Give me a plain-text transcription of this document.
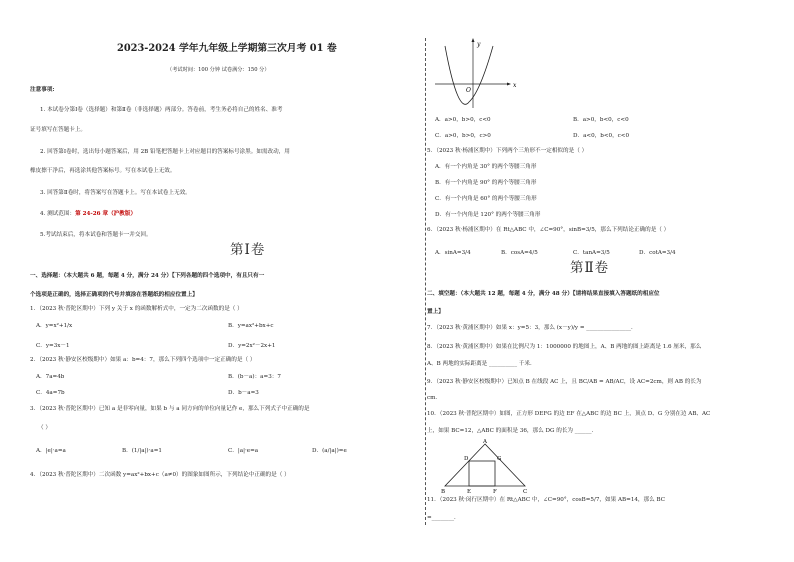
2023-2024 学年九年级上学期第三次月考 01 卷
（考试时间：100 分钟 试卷满分：150 分）
注意事项:
1. 本试卷分第Ⅰ卷（选择题）和第Ⅱ卷（非选择题）两部分。答卷前，考生务必将自己的姓名、准考
证号填写在答题卡上。
2. 回答第Ⅰ卷时，选出每小题答案后，用 2B 铅笔把答题卡上对应题目的答案标号涂黑。如需改动，用
橡皮擦干净后，再选涂其他答案标号。写在本试卷上无效。
3. 回答第Ⅱ卷时，将答案写在答题卡上。写在本试卷上无效。
4. 测试范围：第 24-26 章（沪教版）
5.考试结束后，将本试卷和答题卡一并交回。
第Ⅰ卷
一、选择题：（本大题共 6 题，每题 4 分，满分 24 分）【下列各题的四个选项中，有且只有一
个选项是正确的，选择正确项的代号并填涂在答题纸的相应位置上】
1．（2023 秋·普陀区期中）下列 y 关于 x 的函数解析式中，一定为二次函数的是（ ）
A．y=x²+1/x	B．y=ax²+bx+c
C．y=3x－1	D．y=2x²－2x+1
2．（2023 秋·静安区校级期中）如果 a：b=4：7，那么下列四个选项中一定正确的是（ ）
A．7a=4b	B．(b－a)：a=3：7
C．4a=7b	D．b－a=3
3．（2023 秋·普陀区期中）已知 a 是非零向量，如果 b 与 a 同方向的单位向量记作 e，那么下列式子中正确的是
（ ）
A．|e|·a=a	B．(1/|a|)·a=1	C．|a|·e=a	D．(a/|a|)=e
4．（2023 秋·普陀区期中）二次函数 y=ax²+bx+c（a≠0）的图象如图所示，下列结论中正确的是（ ）
y
x
O
A．a>0，b>0，c<0	B．a>0，b<0，c<0
C．a>0，b>0，c>0	D．a<0，b<0，c<0
5．（2023 秋·杨浦区期中）下列两个三角形不一定相似的是（ ）
A．有一个内角是 30° 的两个等腰三角形
B．有一个内角是 90° 的两个等腰三角形
C．有一个内角是 60° 的两个等腰三角形
D．有一个内角是 120° 的两个等腰三角形
6．（2023 秋·杨浦区期中）在 Rt△ABC 中，∠C=90°，sinB=3/5，那么下列结论正确的是（ ）
A．sinA=3/4	B．cosA=4/5	C．tanA=3/5	D．cotA=3/4
第Ⅱ卷
二、填空题：（本大题共 12 题，每题 4 分，满分 48 分）【请将结果直接填入答题纸的相应位
置上】
7．（2023 秋·黄浦区期中）如果 x：y=5：3，那么 (x－y)/y = ________________．
8．（2023 秋·黄浦区期中）如果在比例尺为 1：1000000 的地图上，A、B 两地的图上距离是 1.6 厘米，那么
A、B 两地的实际距离是 __________ 千米．
9．（2023 秋·静安区校级期中）已知点 B 在线段 AC 上，且 BC/AB = AB/AC，设 AC=2cm，则 AB 的长为
cm．
10．（2023 秋·普陀区期中）如图，正方形 DEFG 的边 EF 在△ABC 的边 BC 上，顶点 D、G 分别在边 AB、AC
上，如果 BC=12，△ABC 的面积是 36，那么 DG 的长为 ______．
A
D	G
B	E	F	C
11．（2023 秋·闵行区期中）在 Rt△ABC 中，∠C=90°，cosB=5/7，如果 AB=14，那么 BC
=________．
